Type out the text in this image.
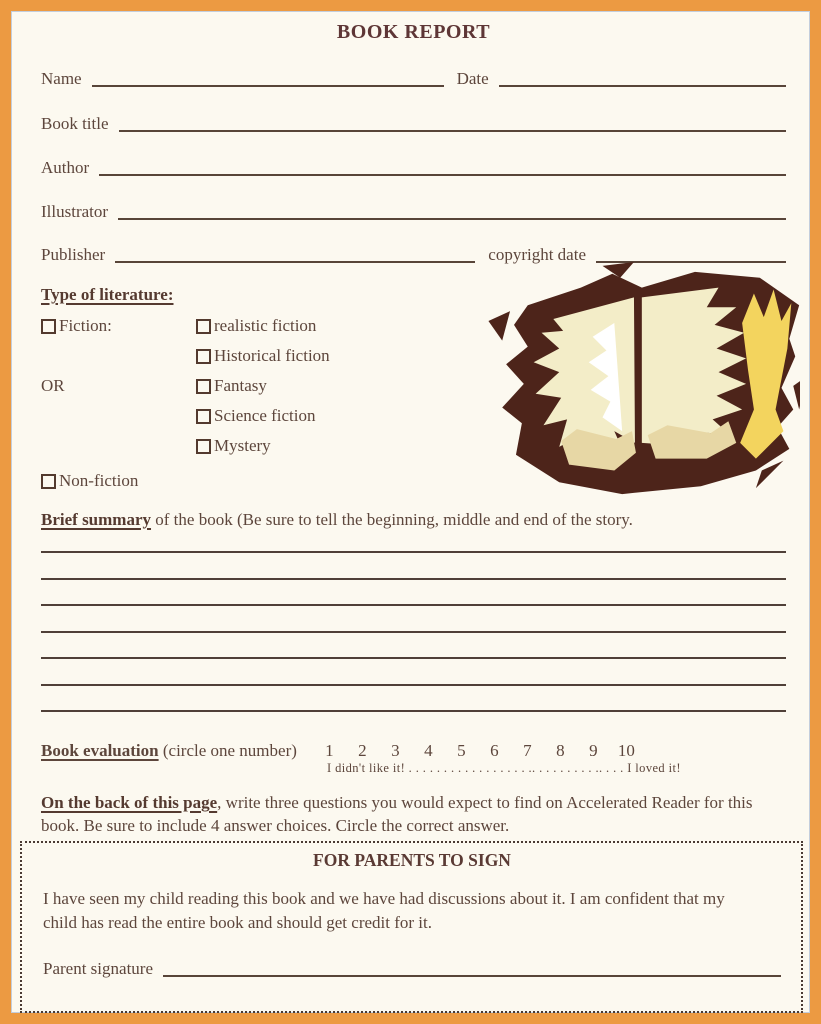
BOOK REPORT
Name	Date
Book title
Author
Illustrator
Publisher	copyright date
Type of literature:
Fiction:
OR
realistic fiction
Historical fiction
Fantasy
Science fiction
Mystery
Non-fiction
Brief summary of the book (Be sure to tell the beginning, middle and end of the story.
Book evaluation (circle one number)	1	2	3	4	5	6	7	8	9	10
I didn't like it! . . . . . . . . . . . . . . . . . .. . . . . . . . . .. . . . I loved it!
On the back of this page, write three questions you would expect to find on Accelerated Reader for this book. Be sure to include 4 answer choices. Circle the correct answer.
FOR PARENTS TO SIGN
I have seen my child reading this book and we have had discussions about it. I am confident that my child has read the entire book and should get credit for it.
Parent signature
